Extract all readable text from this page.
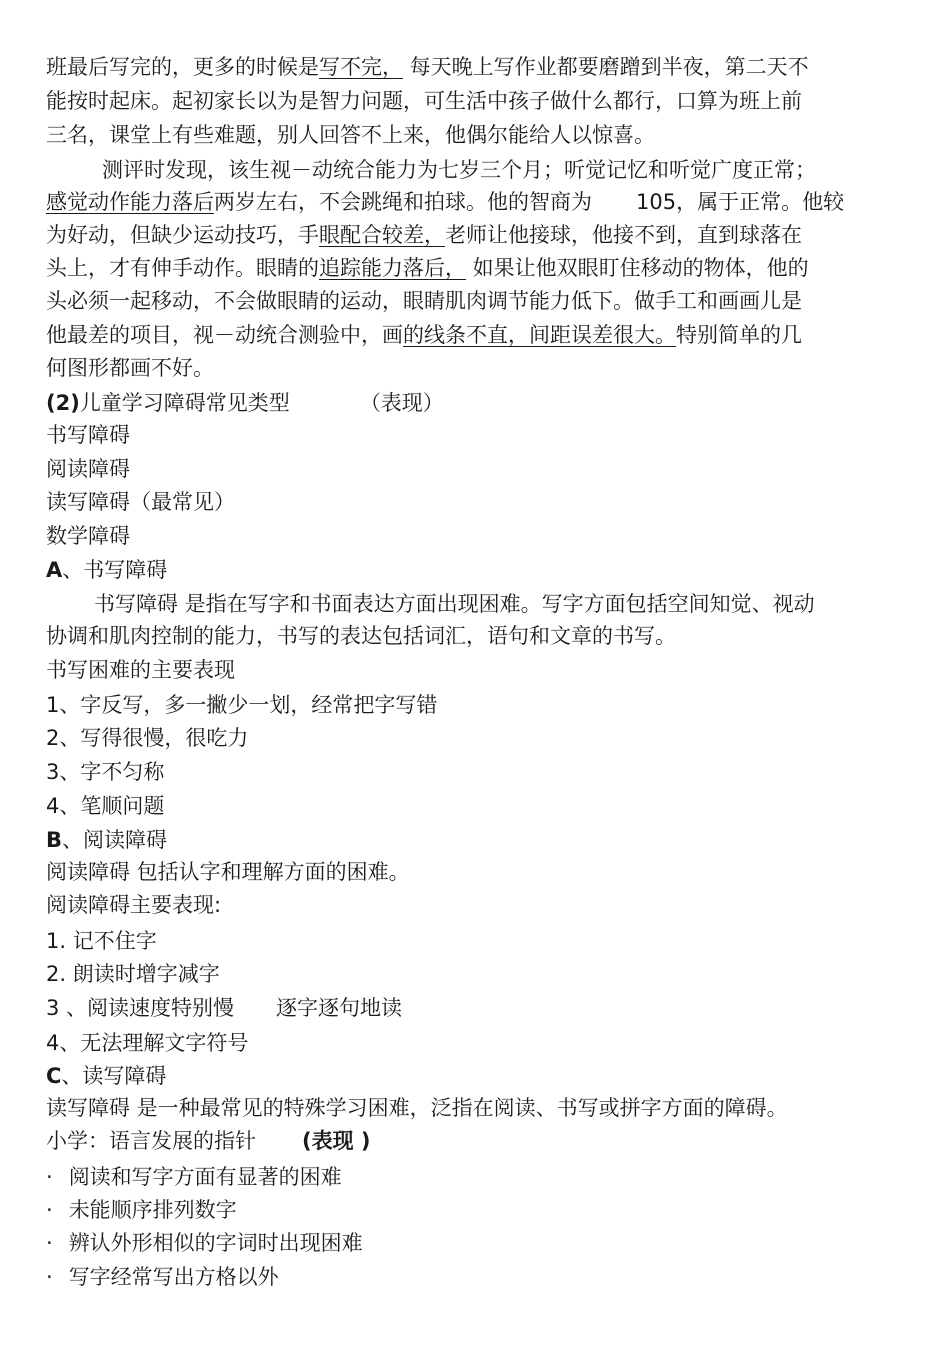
班最后写完的，更多的时候是写不完， 每天晚上写作业都要磨蹭到半夜，第二天不
能按时起床。起初家长以为是智力问题，可生活中孩子做什么都行，口算为班上前
三名，课堂上有些难题，别人回答不上来，他偶尔能给人以惊喜。
测评时发现，该生视－动统合能力为七岁三个月；听觉记忆和听觉广度正常；
感觉动作能力落后两岁左右，不会跳绳和拍球。他的智商为 105，属于正常。他较
为好动，但缺少运动技巧，手眼配合较差，老师让他接球，他接不到，直到球落在
头上，才有伸手动作。眼睛的追踪能力落后， 如果让他双眼盯住移动的物体，他的
头必须一起移动，不会做眼睛的运动，眼睛肌肉调节能力低下。做手工和画画儿是
他最差的项目，视－动统合测验中，画的线条不直，间距误差很大。特别简单的几
何图形都画不好。
(2)儿童学习障碍常见类型	（表现）
书写障碍
阅读障碍
读写障碍（最常见）
数学障碍
A、书写障碍
书写障碍 是指在写字和书面表达方面出现困难。写字方面包括空间知觉、视动
协调和肌肉控制的能力，书写的表达包括词汇，语句和文章的书写。
书写困难的主要表现
1、字反写，多一撇少一划，经常把字写错
2、写得很慢，很吃力
3、字不匀称
4、笔顺问题
B、阅读障碍
阅读障碍 包括认字和理解方面的困难。
阅读障碍主要表现:
1. 记不住字
2. 朗读时增字减字
3 、阅读速度特别慢 逐字逐句地读
4、无法理解文字符号
C、读写障碍
读写障碍 是一种最常见的特殊学习困难，泛指在阅读、书写或拼字方面的障碍。
小学：语言发展的指针 (表现 )
· 阅读和写字方面有显著的困难
· 未能顺序排列数字
· 辨认外形相似的字词时出现困难
· 写字经常写出方格以外
